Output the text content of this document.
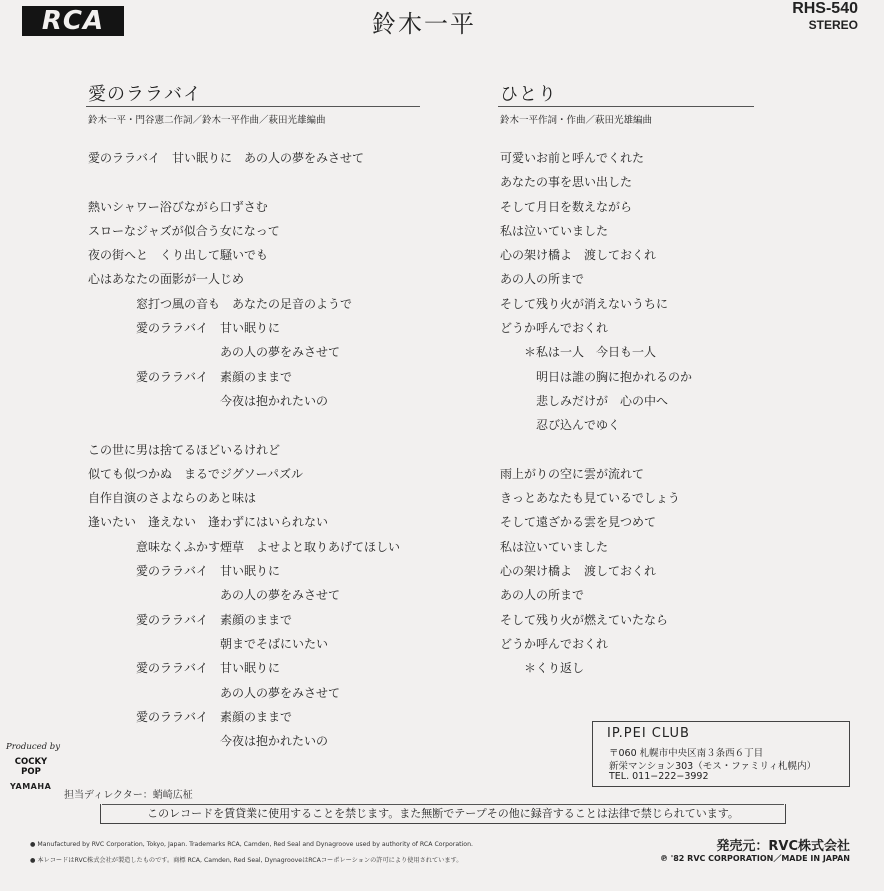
RCA	鈴木一平
RHS-540
STEREO
愛のララバイ
鈴木一平・門谷憲二作詞／鈴木一平作曲／萩田光雄編曲
愛のララバイ　甘い眠りに　あの人の夢をみさせて

熱いシャワー浴びながら口ずさむ
スローなジャズが似合う女になって
夜の街へと　くり出して騒いでも
心はあなたの面影が一人じめ
　　　　窓打つ風の音も　あなたの足音のようで
　　　　愛のララバイ　甘い眠りに
　　　　　　　　　　　あの人の夢をみさせて
　　　　愛のララバイ　素顔のままで
　　　　　　　　　　　今夜は抱かれたいの

この世に男は捨てるほどいるけれど
似ても似つかぬ　まるでジグソーパズル
自作自演のさよならのあと味は
逢いたい　逢えない　逢わずにはいられない
　　　　意味なくふかす煙草　よせよと取りあげてほしい
　　　　愛のララバイ　甘い眠りに
　　　　　　　　　　　あの人の夢をみさせて
　　　　愛のララバイ　素顔のままで
　　　　　　　　　　　朝までそばにいたい
　　　　愛のララバイ　甘い眠りに
　　　　　　　　　　　あの人の夢をみさせて
　　　　愛のララバイ　素顔のままで
　　　　　　　　　　　今夜は抱かれたいの
ひとり
鈴木一平作詞・作曲／萩田光雄編曲
可愛いお前と呼んでくれた
あなたの事を思い出した
そして月日を数えながら
私は泣いていました
心の架け橋よ　渡しておくれ
あの人の所まで
そして残り火が消えないうちに
どうか呼んでおくれ
　　＊私は一人　今日も一人
　　　明日は誰の胸に抱かれるのか
　　　悲しみだけが　心の中へ
　　　忍び込んでゆく

雨上がりの空に雲が流れて
きっとあなたも見ているでしょう
そして遠ざかる雲を見つめて
私は泣いていました
心の架け橋よ　渡しておくれ
あの人の所まで
そして残り火が燃えていたなら
どうか呼んでおくれ
　　＊くり返し
IP.PEI CLUB
〒060 札幌市中央区南３条西６丁目
新栄マンション303（モス・ファミリィ札幌内）
TEL. 011−222−3992
Produced by
COCKY
POP
YAMAHA
担当ディレクター：蛸崎広柾
このレコードを賃貸業に使用することを禁じます。また無断でテープその他に録音することは法律で禁じられています。
● Manufactured by RVC Corporation, Tokyo, Japan. Trademarks RCA, Camden, Red Seal and Dynagroove used by authority of RCA Corporation.
● 本レコードはRVC株式会社が製造したものです。商標 RCA, Camden, Red Seal, DynagrooveはRCAコーポレーションの許可により使用されています。
発売元：RVC株式会社
℗ '82 RVC CORPORATION／MADE IN JAPAN
